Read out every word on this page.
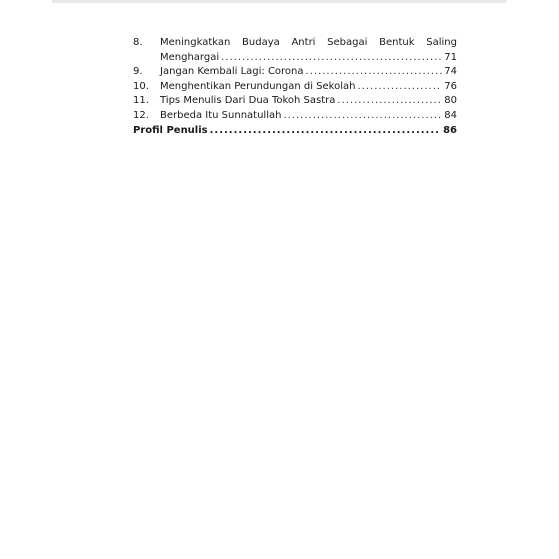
8.	Meningkatkan Budaya Antri Sebagai Bentuk Saling
Menghargai .....	71
9.	Jangan Kembali Lagi: Corona .....	74
10.	Menghentikan Perundungan di Sekolah .....	76
11.	Tips Menulis Dari Dua Tokoh Sastra .....	80
12.	Berbeda Itu Sunnatullah .....	84
Profil Penulis .....	86
